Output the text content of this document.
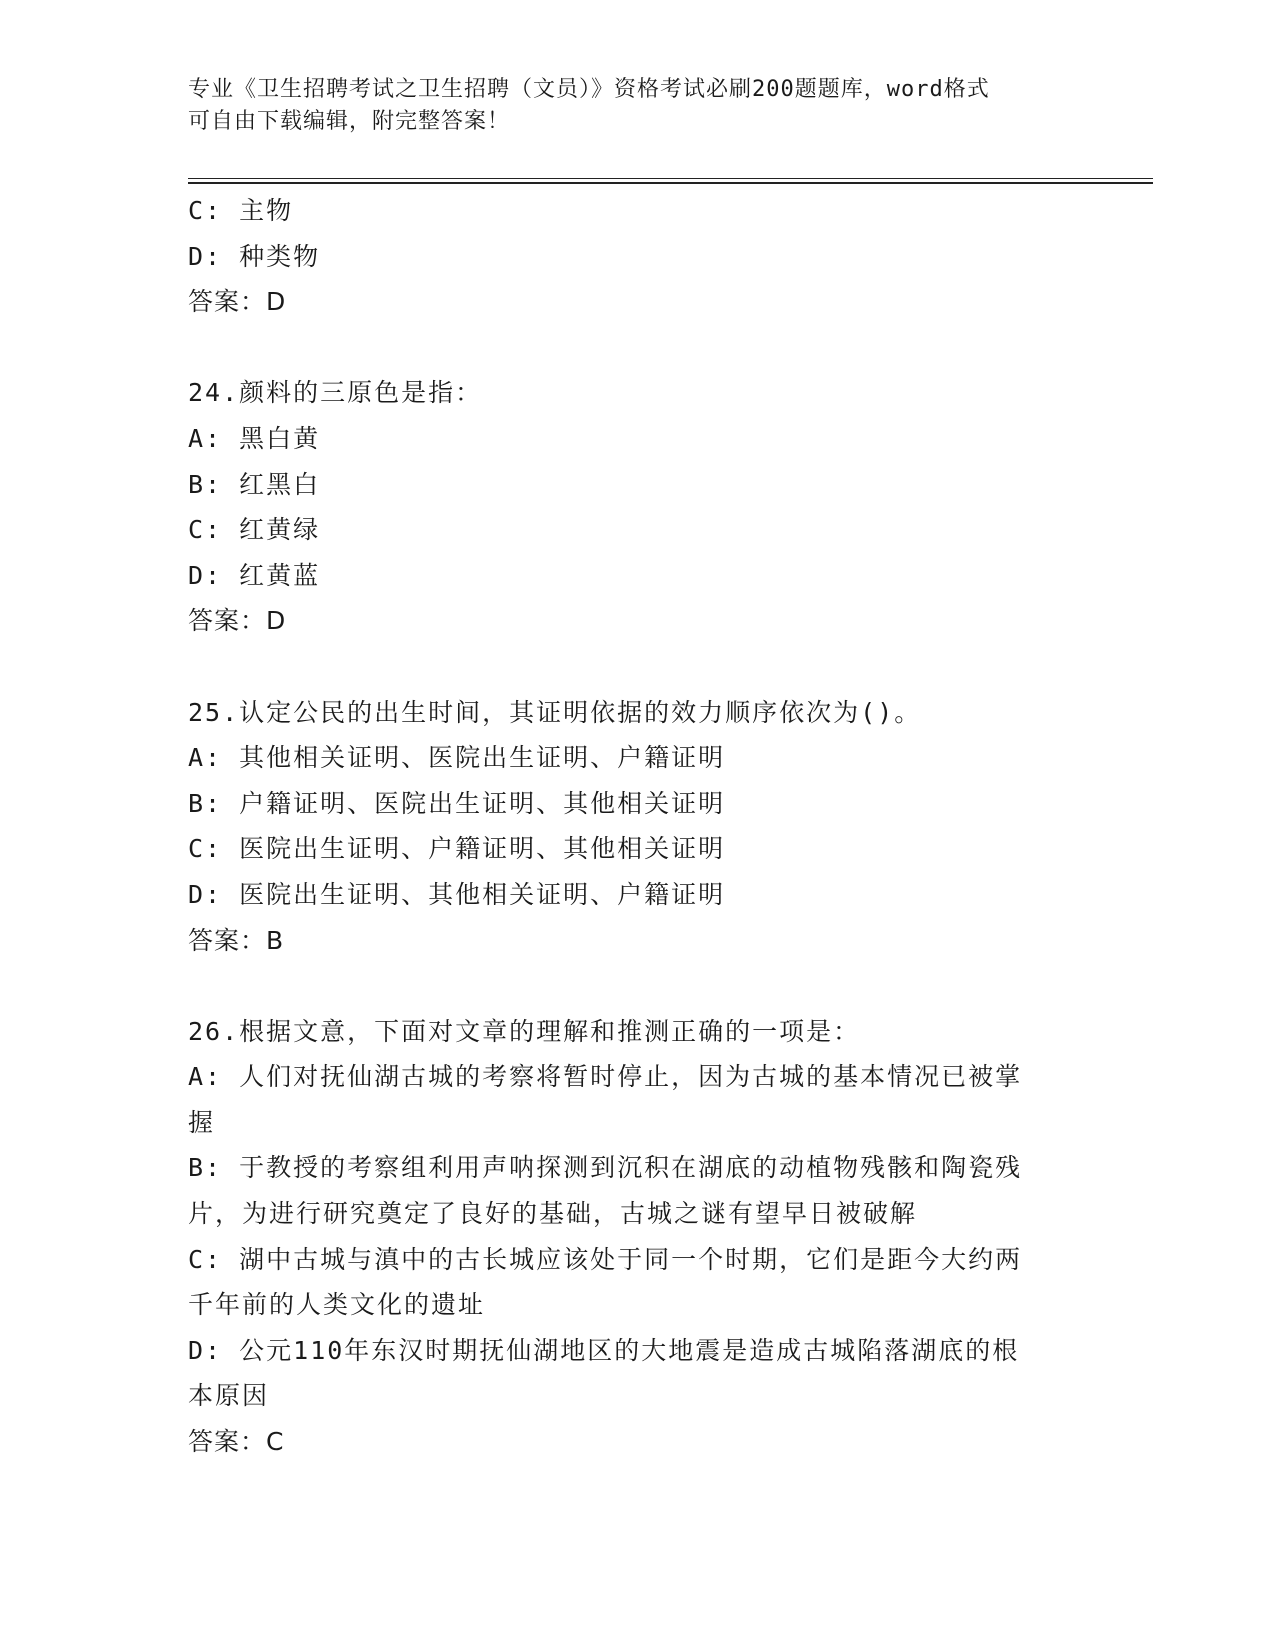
专业《卫生招聘考试之卫生招聘（文员）》资格考试必刷200题题库，word格式
可自由下载编辑，附完整答案！
C: 主物
D: 种类物
答案：D
24.颜料的三原色是指：
A: 黑白黄
B: 红黑白
C: 红黄绿
D: 红黄蓝
答案：D
25.认定公民的出生时间，其证明依据的效力顺序依次为()。
A: 其他相关证明、医院出生证明、户籍证明
B: 户籍证明、医院出生证明、其他相关证明
C: 医院出生证明、户籍证明、其他相关证明
D: 医院出生证明、其他相关证明、户籍证明
答案：B
26.根据文意，下面对文章的理解和推测正确的一项是：
A: 人们对抚仙湖古城的考察将暂时停止，因为古城的基本情况已被掌
握
B: 于教授的考察组利用声呐探测到沉积在湖底的动植物残骸和陶瓷残
片，为进行研究奠定了良好的基础，古城之谜有望早日被破解
C: 湖中古城与滇中的古长城应该处于同一个时期，它们是距今大约两
千年前的人类文化的遗址
D: 公元110年东汉时期抚仙湖地区的大地震是造成古城陷落湖底的根
本原因
答案：C
